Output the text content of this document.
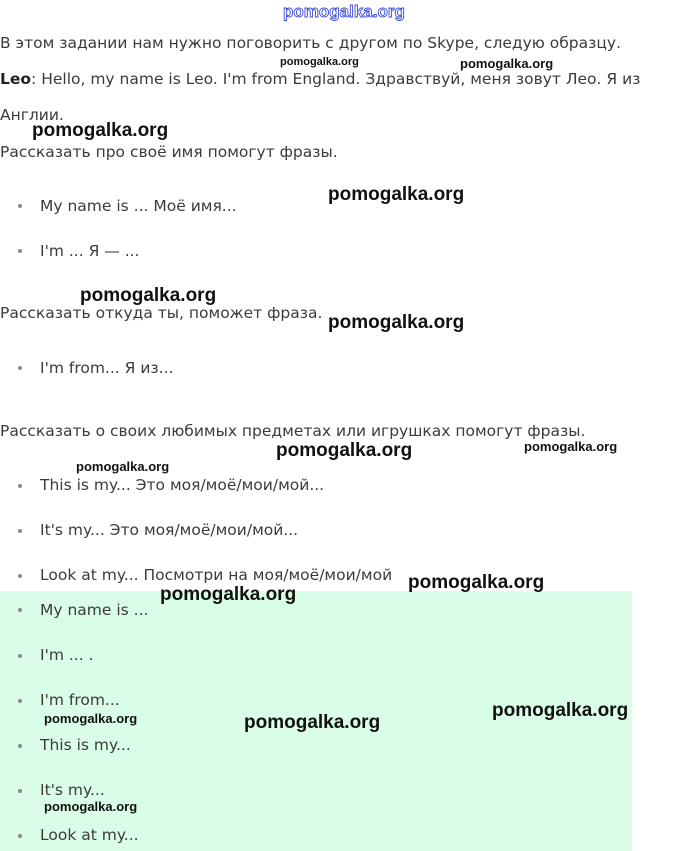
pomogalka.org
В этом задании нам нужно поговорить с другом по Skype, следую образцу.
Leo: Hello, my name is Leo. I'm from England. Здравствуй, меня зовут Лео. Я из
Англии.
Рассказать про своё имя помогут фразы.
My name is ... Моё имя...
I'm ... Я — ...
Рассказать откуда ты, поможет фраза.
I'm from... Я из...
Рассказать о своих любимых предметах или игрушках помогут фразы.
This is my... Это моя/моё/мои/мой...
It's my... Это моя/моё/мои/мой...
Look at my... Посмотри на моя/моё/мои/мой
My name is ...
I'm ... .
I'm from...
This is my...
It's my...
Look at my...
pomogalka.org	pomogalka.org
pomogalka.org
pomogalka.org
pomogalka.org
pomogalka.org
pomogalka.org	pomogalka.org
pomogalka.org
pomogalka.org
pomogalka.org
pomogalka.org
pomogalka.org	pomogalka.org
pomogalka.org
